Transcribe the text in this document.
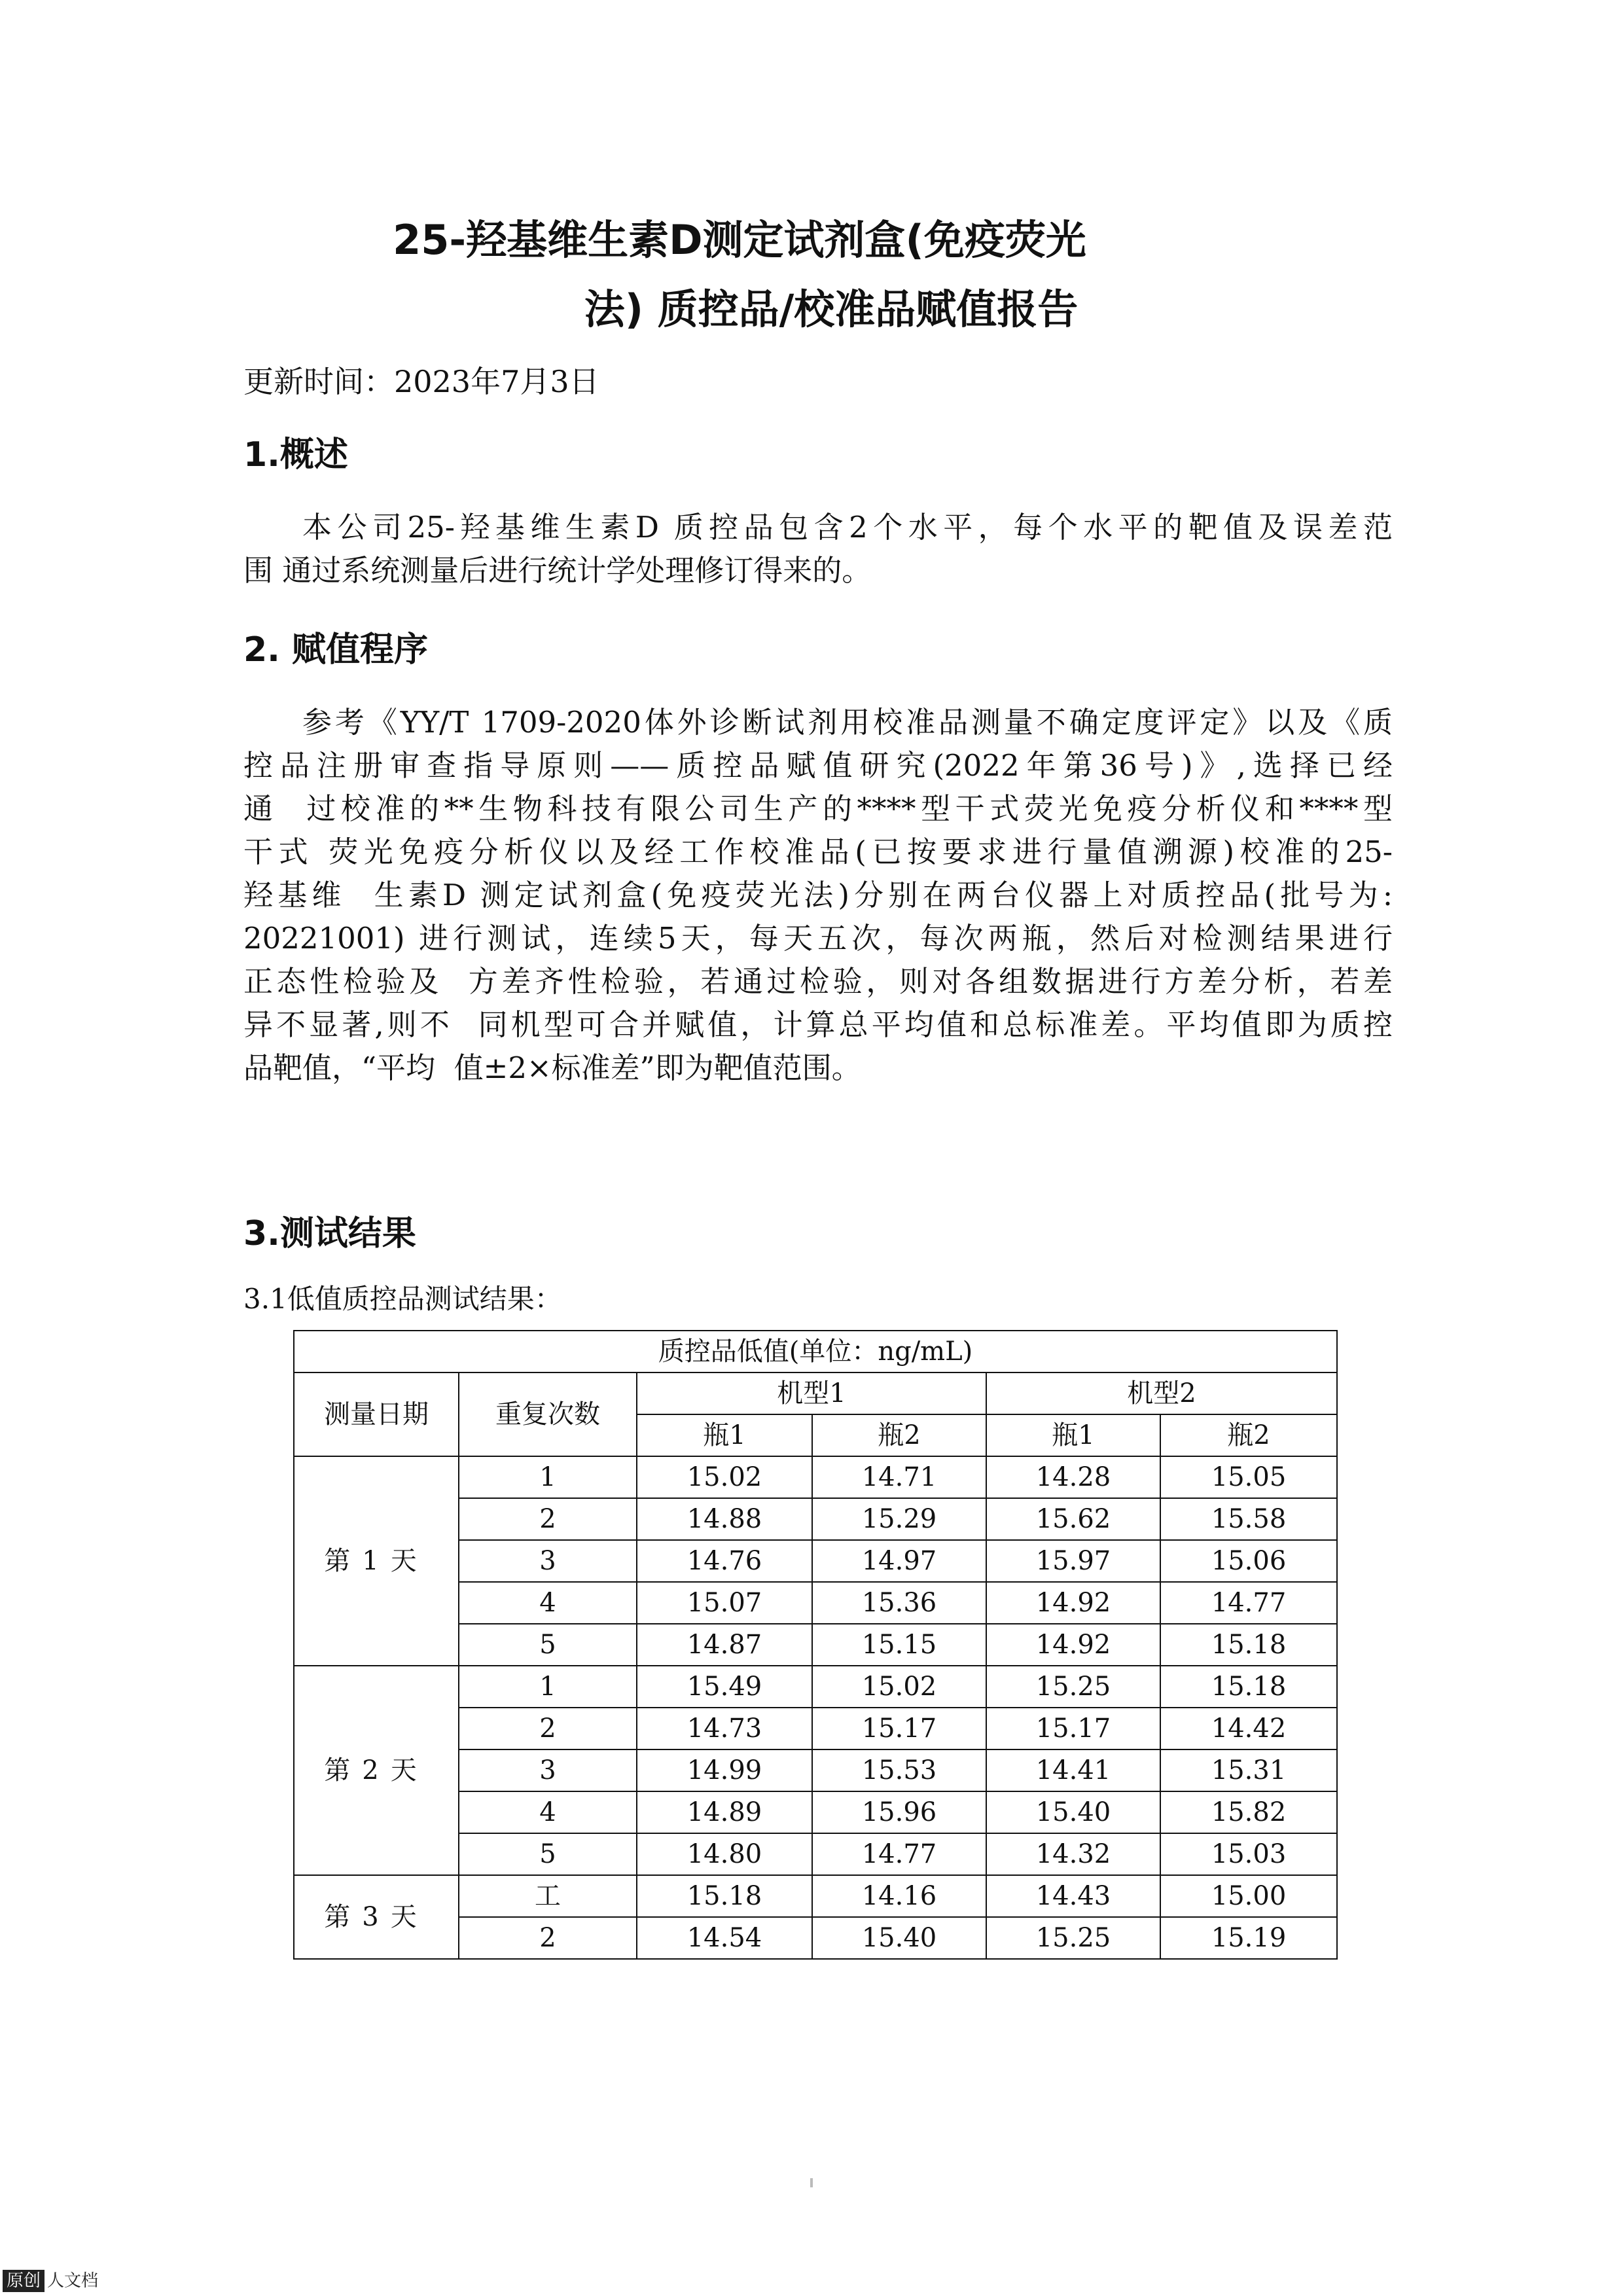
25-羟基维生素D测定试剂盒(免疫荧光
法) 质控品/校准品赋值报告
更新时间：2023年7月3日
1.概述
本公司25-羟基维生素D 质控品包含2个水平，每个水平的靶值及误差范
围 通过系统测量后进行统计学处理修订得来的。
2. 赋值程序
参考《YY/T 1709-2020体外诊断试剂用校准品测量不确定度评定》以及《质
控品注册审查指导原则——质控品赋值研究(2022年第36号)》,选择已经
通  过校准的**生物科技有限公司生产的****型干式荧光免疫分析仪和****型
干式 荧光免疫分析仪以及经工作校准品(已按要求进行量值溯源)校准的25-
羟基维  生素D 测定试剂盒(免疫荧光法)分别在两台仪器上对质控品(批号为:
20221001) 进行测试，连续5天，每天五次，每次两瓶，然后对检测结果进行
正态性检验及  方差齐性检验，若通过检验，则对各组数据进行方差分析，若差
异不显著,则不  同机型可合并赋值，计算总平均值和总标准差。平均值即为质控
品靶值，“平均  值±2×标准差”即为靶值范围。
3.测试结果
3.1低值质控品测试结果：
质控品低值(单位：ng/mL)					
测量日期	重复次数	机型1		机型2	
		瓶1	瓶2	瓶1	瓶2
第1天	1	15.02	14.71	14.28	15.05
	2	14.88	15.29	15.62	15.58
	3	14.76	14.97	15.97	15.06
	4	15.07	15.36	14.92	14.77
	5	14.87	15.15	14.92	15.18
第2天	1	15.49	15.02	15.25	15.18
	2	14.73	15.17	15.17	14.42
	3	14.99	15.53	14.41	15.31
	4	14.89	15.96	15.40	15.82
	5	14.80	14.77	14.32	15.03
第3天	工	15.18	14.16	14.43	15.00
	2	14.54	15.40	15.25	15.19
原创 人文档
